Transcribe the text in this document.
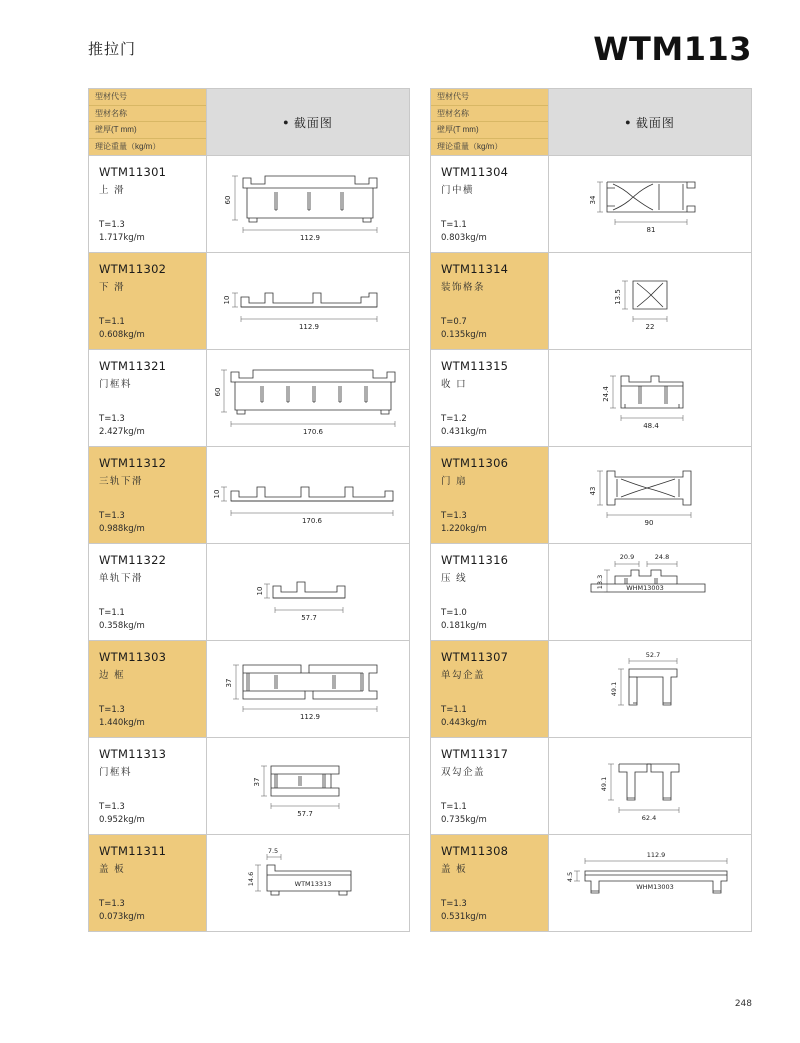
推拉门	WTM113
型材代号
型材名称
壁厚(T mm)
理论重量（kg/m）	● 截面图

WTM11301
上 滑
T=1.3
1.717kg/m

60
112.9

WTM11302
下 滑
T=1.1
0.608kg/m

10
112.9

WTM11321
门框料
T=1.3
2.427kg/m

60
170.6

WTM11312
三轨下滑
T=1.3
0.988kg/m

10
170.6

WTM11322
单轨下滑
T=1.1
0.358kg/m

10
57.7

WTM11303
边 框
T=1.3
1.440kg/m

37
112.9

WTM11313
门框料
T=1.3
0.952kg/m

37
57.7

WTM11311
盖 板
T=1.3
0.073kg/m

7.5
14.6	WTM13313
型材代号
型材名称
壁厚(T mm)
理论重量（kg/m）	● 截面图

WTM11304
门中横
T=1.1
0.803kg/m

34
81

WTM11314
装饰格条
T=0.7
0.135kg/m

13.5
22

WTM11315
收 口
T=1.2
0.431kg/m

24.4
48.4

WTM11306
门 扇
T=1.3
1.220kg/m

43
90

WTM11316
压 线
T=1.0
0.181kg/m

20.9	24.8
13.3	WHM13003

WTM11307
单勾企盖
T=1.1
0.443kg/m

52.7
49.1

WTM11317
双勾企盖
T=1.1
0.735kg/m	62.4
49.1

WTM11308
盖 板
T=1.3
0.531kg/m

112.9
4.5
WHM13003
248
